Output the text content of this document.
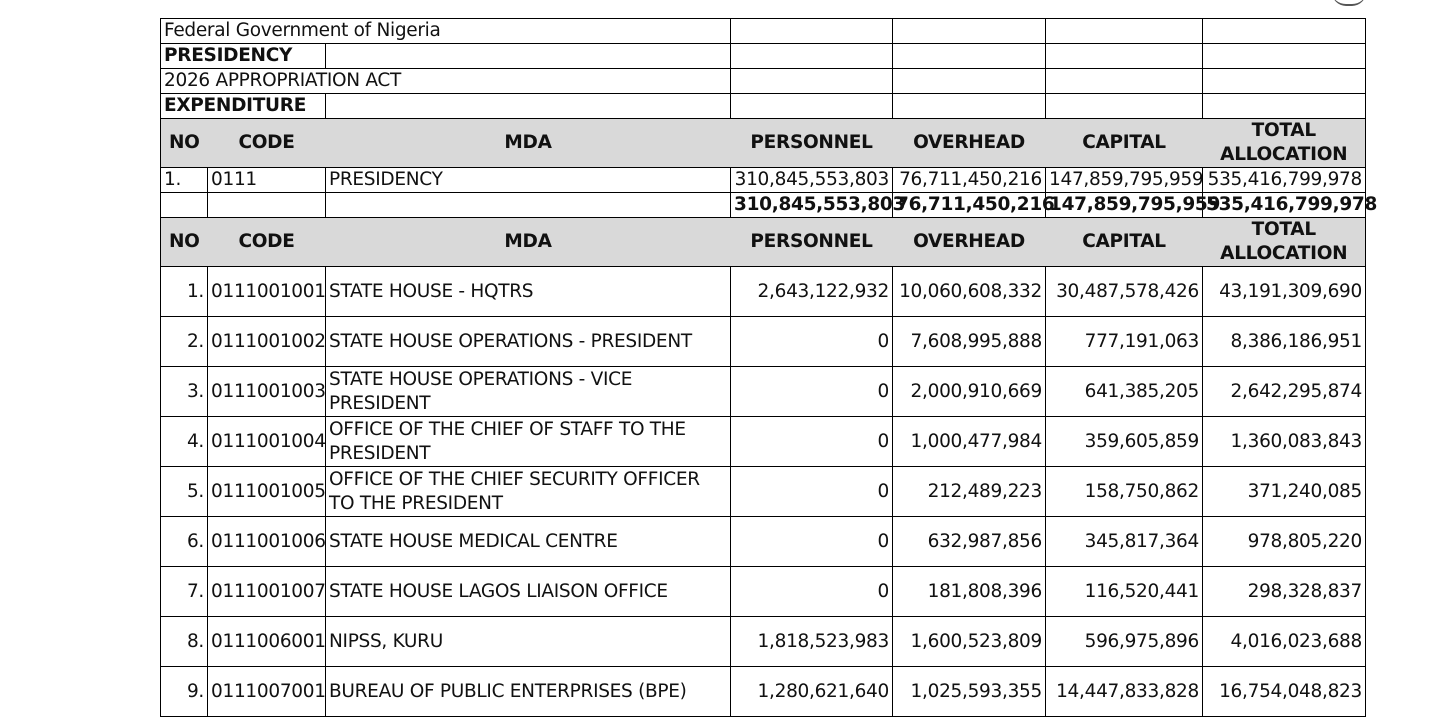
Federal Government of Nigeria						
PRESIDENCY						
2026 APPROPRIATION ACT						
EXPENDITURE						
NO	CODE	MDA	PERSONNEL	OVERHEAD	CAPITAL	TOTAL ALLOCATION
1.	0111	PRESIDENCY	310,845,553,803	76,711,450,216	147,859,795,959	535,416,799,978
			310,845,553,803	76,711,450,216	147,859,795,959	535,416,799,978
NO	CODE	MDA	PERSONNEL	OVERHEAD	CAPITAL	TOTAL ALLOCATION
1.	0111001001	STATE HOUSE - HQTRS	2,643,122,932	10,060,608,332	30,487,578,426	43,191,309,690
2.	0111001002	STATE HOUSE OPERATIONS - PRESIDENT	0	7,608,995,888	777,191,063	8,386,186,951
3.	0111001003	STATE HOUSE OPERATIONS - VICE PRESIDENT	0	2,000,910,669	641,385,205	2,642,295,874
4.	0111001004	OFFICE OF THE CHIEF OF STAFF TO THE PRESIDENT	0	1,000,477,984	359,605,859	1,360,083,843
5.	0111001005	OFFICE OF THE CHIEF SECURITY OFFICER TO THE PRESIDENT	0	212,489,223	158,750,862	371,240,085
6.	0111001006	STATE HOUSE MEDICAL CENTRE	0	632,987,856	345,817,364	978,805,220
7.	0111001007	STATE HOUSE LAGOS LIAISON OFFICE	0	181,808,396	116,520,441	298,328,837
8.	0111006001	NIPSS, KURU	1,818,523,983	1,600,523,809	596,975,896	4,016,023,688
9.	0111007001	BUREAU OF PUBLIC ENTERPRISES (BPE)	1,280,621,640	1,025,593,355	14,447,833,828	16,754,048,823
